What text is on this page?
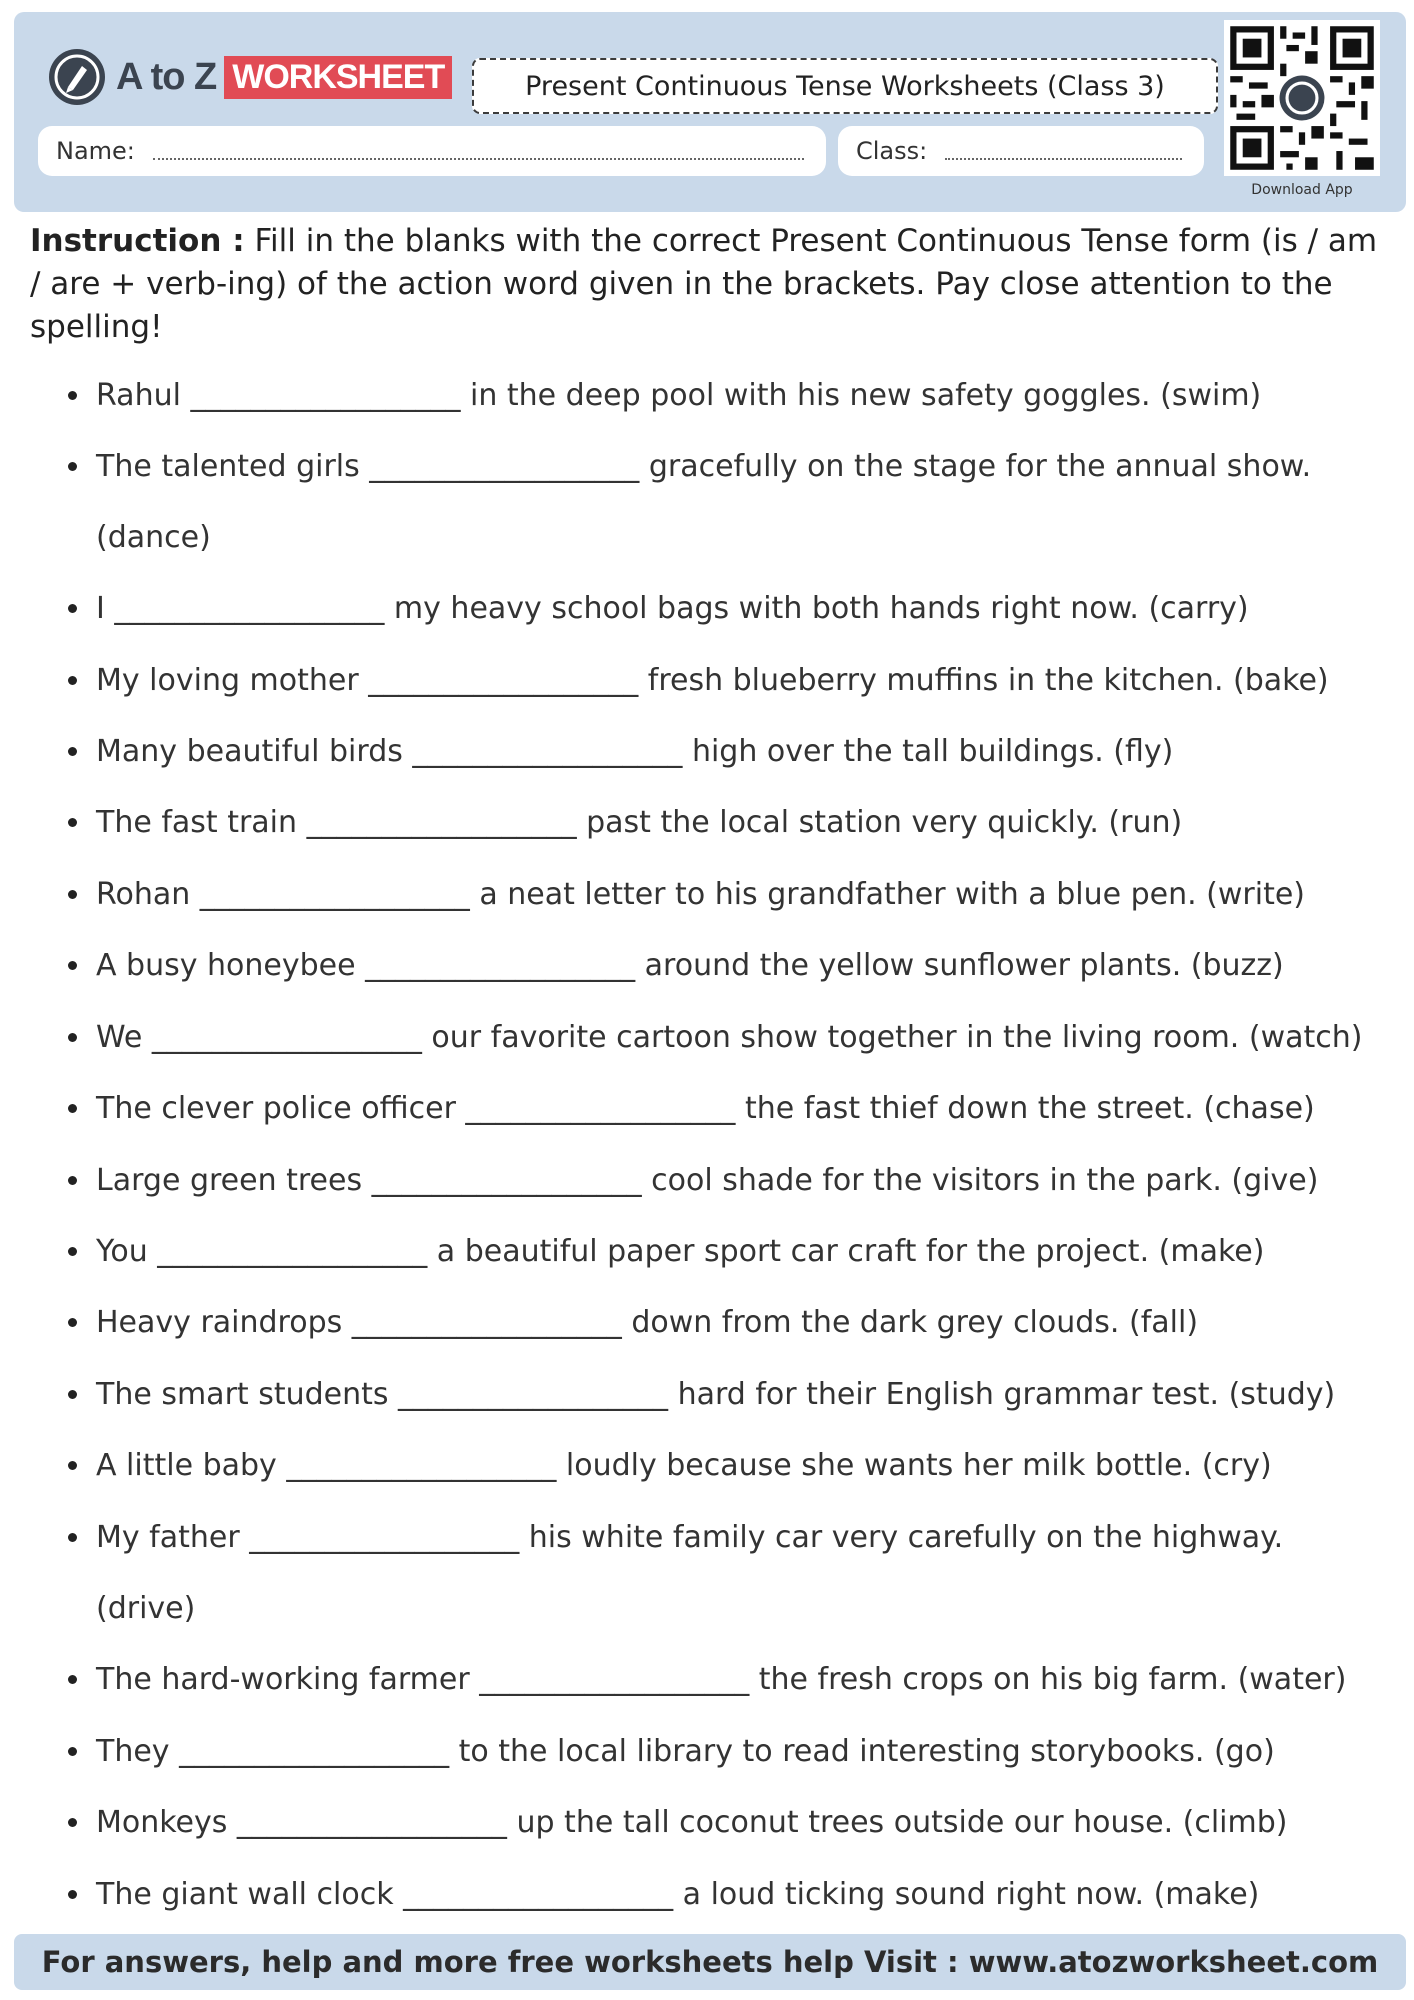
A to Z WORKSHEET	Present Continuous Tense Worksheets (Class 3)
Name:	Class:
Download App
Instruction : Fill in the blanks with the correct Present Continuous Tense form (is / am / are + verb-ing) of the action word given in the brackets. Pay close attention to the spelling!
Rahul __________________ in the deep pool with his new safety goggles. (swim)
The talented girls __________________ gracefully on the stage for the annual show. (dance)
I __________________ my heavy school bags with both hands right now. (carry)
My loving mother __________________ fresh blueberry muffins in the kitchen. (bake)
Many beautiful birds __________________ high over the tall buildings. (fly)
The fast train __________________ past the local station very quickly. (run)
Rohan __________________ a neat letter to his grandfather with a blue pen. (write)
A busy honeybee __________________ around the yellow sunflower plants. (buzz)
We __________________ our favorite cartoon show together in the living room. (watch)
The clever police officer __________________ the fast thief down the street. (chase)
Large green trees __________________ cool shade for the visitors in the park. (give)
You __________________ a beautiful paper sport car craft for the project. (make)
Heavy raindrops __________________ down from the dark grey clouds. (fall)
The smart students __________________ hard for their English grammar test. (study)
A little baby __________________ loudly because she wants her milk bottle. (cry)
My father __________________ his white family car very carefully on the highway. (drive)
The hard-working farmer __________________ the fresh crops on his big farm. (water)
They __________________ to the local library to read interesting storybooks. (go)
Monkeys __________________ up the tall coconut trees outside our house. (climb)
The giant wall clock __________________ a loud ticking sound right now. (make)
For answers, help and more free worksheets help Visit : www.atozworksheet.com
